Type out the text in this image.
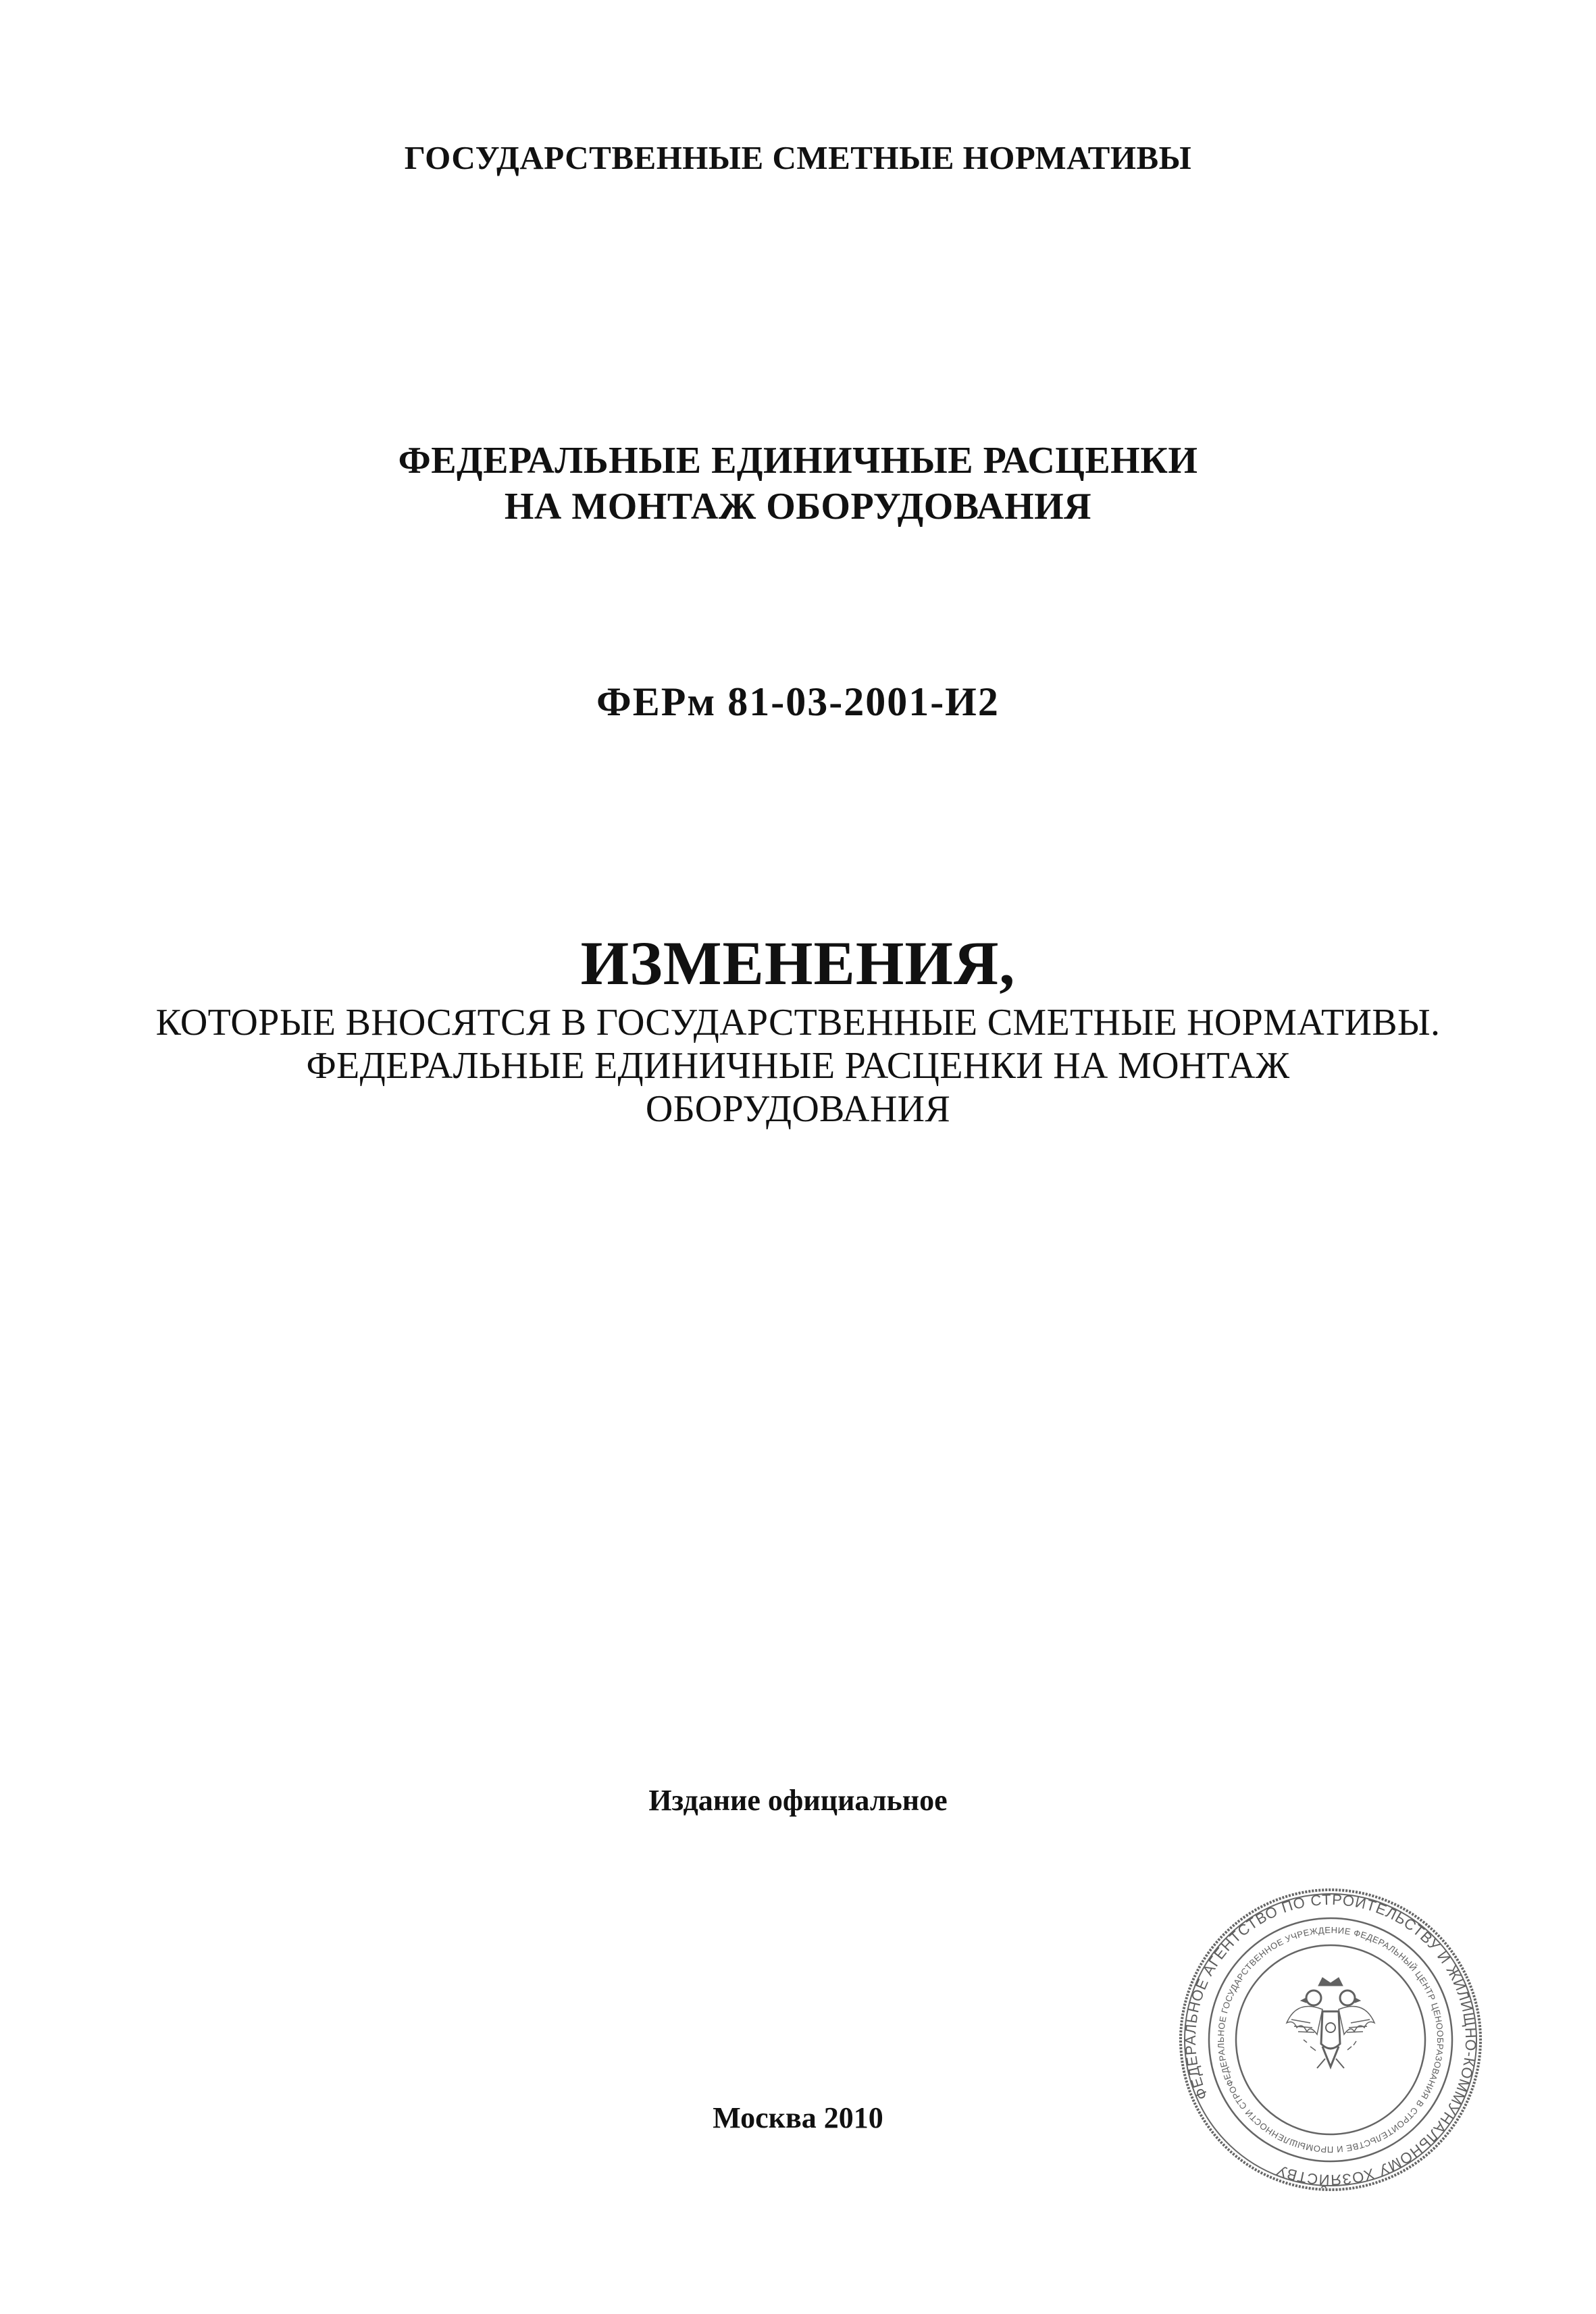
ГОСУДАРСТВЕННЫЕ СМЕТНЫЕ НОРМАТИВЫ
ФЕДЕРАЛЬНЫЕ ЕДИНИЧНЫЕ РАСЦЕНКИ
НА МОНТАЖ ОБОРУДОВАНИЯ
ФЕРм 81-03-2001-И2
ИЗМЕНЕНИЯ,
КОТОРЫЕ ВНОСЯТСЯ В ГОСУДАРСТВЕННЫЕ СМЕТНЫЕ НОРМАТИВЫ.
ФЕДЕРАЛЬНЫЕ ЕДИНИЧНЫЕ РАСЦЕНКИ НА МОНТАЖ
ОБОРУДОВАНИЯ
Издание официальное
Москва 2010
ФЕДЕРАЛЬНОЕ АГЕНТСТВО ПО СТРОИТЕЛЬСТВУ И ЖИЛИЩНО-КОММУНАЛЬНОМУ ХОЗЯЙСТВУ
ФЕДЕРАЛЬНОЕ ГОСУДАРСТВЕННОЕ УЧРЕЖДЕНИЕ ФЕДЕРАЛЬНЫЙ ЦЕНТР ЦЕНООБРАЗОВАНИЯ В СТРОИТЕЛЬСТВЕ И ПРОМЫШЛЕННОСТИ СТРОИТЕЛЬНЫХ
